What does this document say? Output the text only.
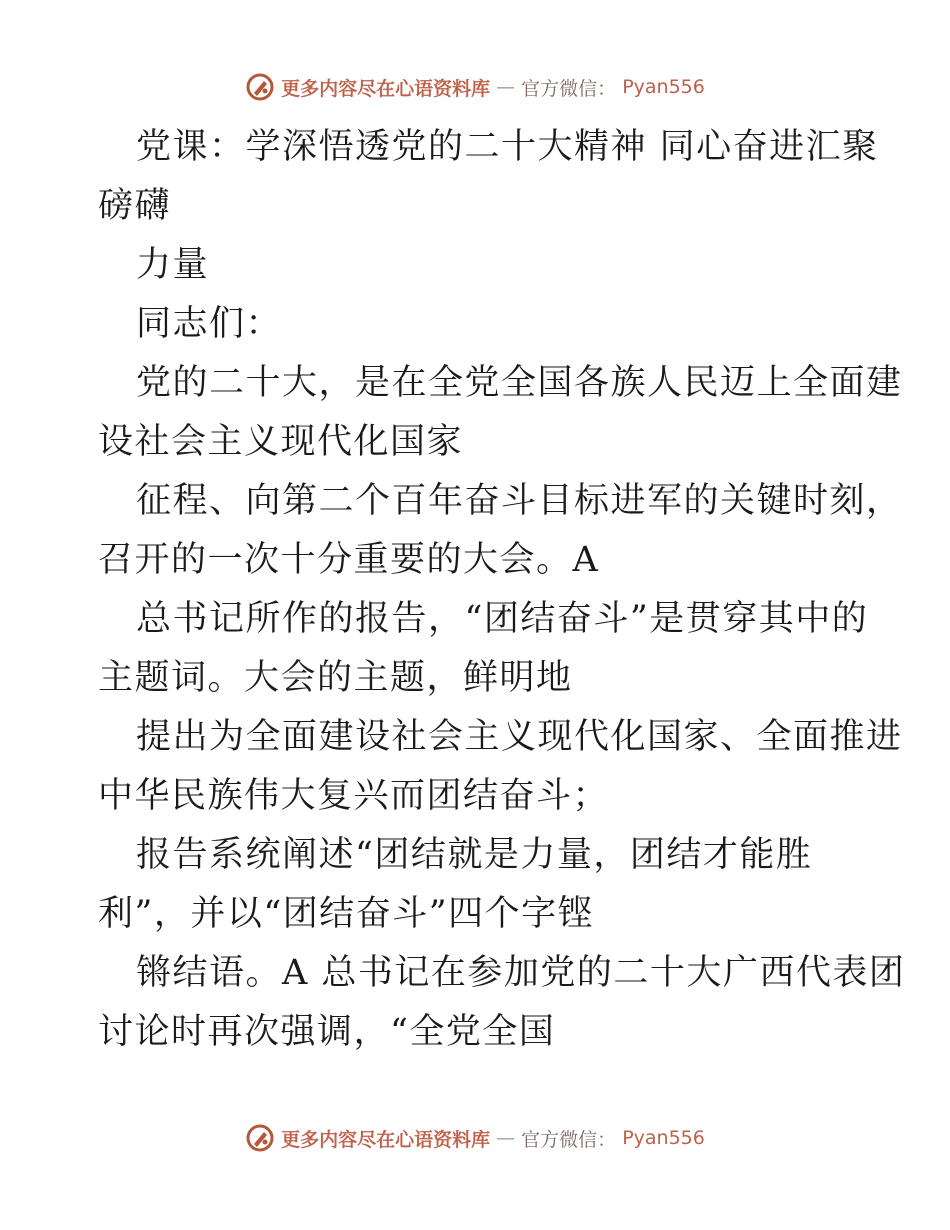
更多内容尽在心语资料库 — 官方微信： Pyan556
党课：学深悟透党的二十大精神 同心奋进汇聚
磅礴
力量
同志们：
党的二十大，是在全党全国各族人民迈上全面建
设社会主义现代化国家
征程、向第二个百年奋斗目标进军的关键时刻，
召开的一次十分重要的大会。A
总书记所作的报告，“团结奋斗”是贯穿其中的
主题词。大会的主题，鲜明地
提出为全面建设社会主义现代化国家、全面推进
中华民族伟大复兴而团结奋斗；
报告系统阐述“团结就是力量，团结才能胜
利”，并以“团结奋斗”四个字铿
锵结语。A 总书记在参加党的二十大广西代表团
讨论时再次强调，“全党全国
更多内容尽在心语资料库 — 官方微信： Pyan556
